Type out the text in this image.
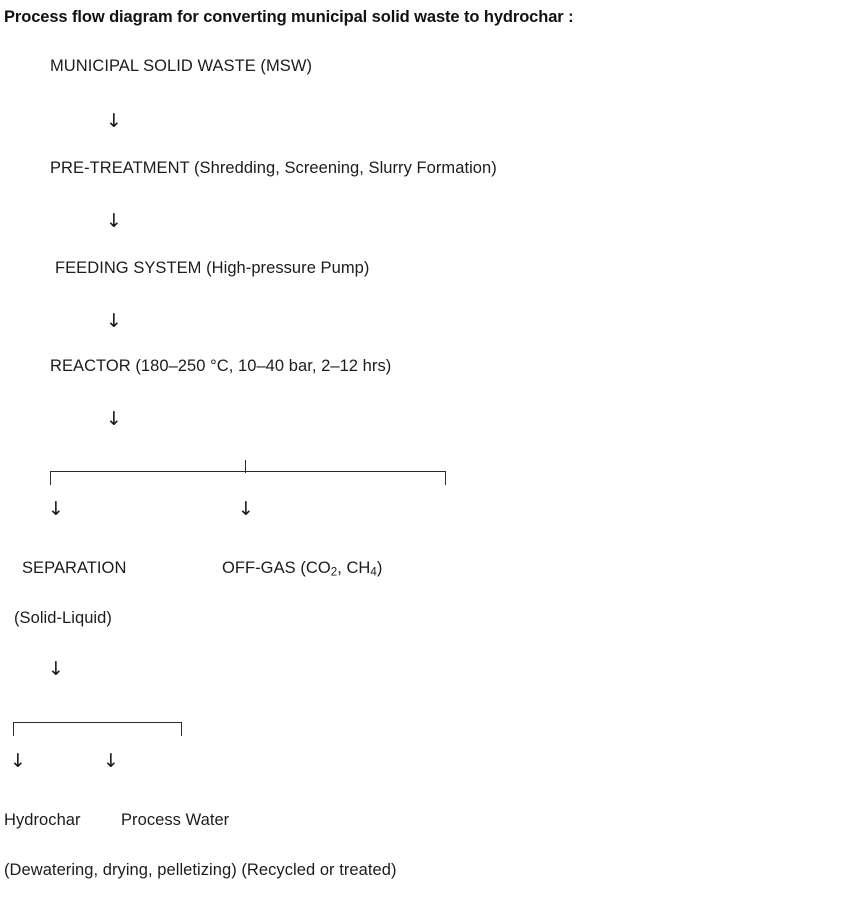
Process flow diagram for converting municipal solid waste to hydrochar :
MUNICIPAL SOLID WASTE (MSW)
↓
PRE-TREATMENT (Shredding, Screening, Slurry Formation)
↓
FEEDING SYSTEM (High-pressure Pump)
↓
REACTOR (180–250 °C, 10–40 bar, 2–12 hrs)
↓
↓	↓
SEPARATION	OFF-GAS ($CO_2$, $CH_4$)
(Solid-Liquid)
↓
↓	↓
Hydrochar Process Water
(Dewatering, drying, pelletizing) (Recycled or treated)
